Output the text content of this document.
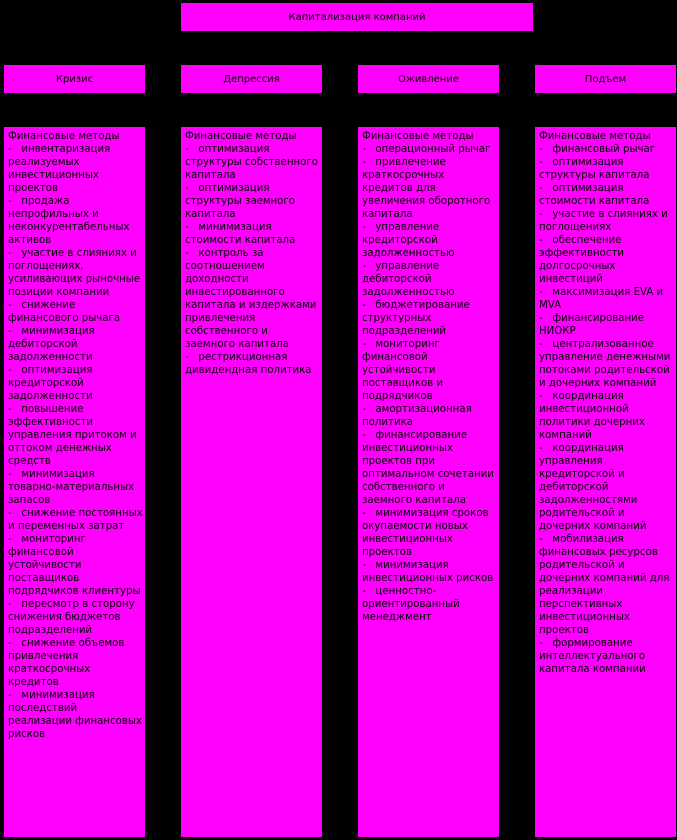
Капитализация компаний
Кризис	Депрессия	Оживление	Подъем
Финансовые методы
-   инвентаризация реализуемых инвестиционных проектов
-   продажа непрофильных и неконкурентабельных активов
-   участие в слияниях и поглощениях, усиливающих рыночные позиции компании
-   снижение финансового рычага
-   минимизация дебиторской задолженности
-   оптимизация кредиторской задолженности
-   повышение эффективности управления притоком и оттоком денежных средств
-   минимизация товарно-материальных запасов
-   снижение постоянных и переменных затрат
-   мониторинг финансовой устойчивости поставщиков подрядчиков клиентуры
-   пересмотр в сторону снижения бюджетов подразделений
-   снижение объемов привлечения краткосрочных кредитов
-   минимизация последствий реализации финансовых рисков
Финансовые методы
-   оптимизация структуры собственного капитала
-   оптимизация структуры заемного капитала
-   минимизация стоимости капитала
-   контроль за соотношением доходности инвестированного капитала и издержками привлечения собственного и заемного капитала
-   рестрикционная дивидендная политика
Финансовые методы
-   операционный рычаг
-   привлечение краткосрочных кредитов для увеличения оборотного капитала
-   управление кредиторской задолженностью
-   управление дебиторской задолженностью
-   бюджетирование структурных подразделений
-   мониторинг финансовой устойчивости поставщиков и подрядчиков
-   амортизационная политика
-   финансирование инвестиционных проектов при оптимальном сочетании собственного и заемного капитала
-   минимизация сроков окупаемости новых инвестиционных проектов
-   минимизация инвестиционных рисков
-   ценностно-ориентированный менеджмент
Финансовые методы
-   финансовый рычаг
-   оптимизация структуры капитала
-   оптимизация стоимости капитала
-   участие в слияниях и поглощениях
-   обеспечение эффективности долгосрочных инвестиций
-   максимизация EVA и MVA
-   финансирование НИОКР
-   централизованное управление денежными потоками родительской и дочерних компаний
-   координация инвестиционной политики дочерних компаний
-   координация управления кредиторской и дебиторской задолженностями родительской и дочерних компаний
-   мобилизация финансовых ресурсов родительской и дочерних компаний для реализации перспективных инвестиционных проектов
-   формирование интеллектуального капитала компании
